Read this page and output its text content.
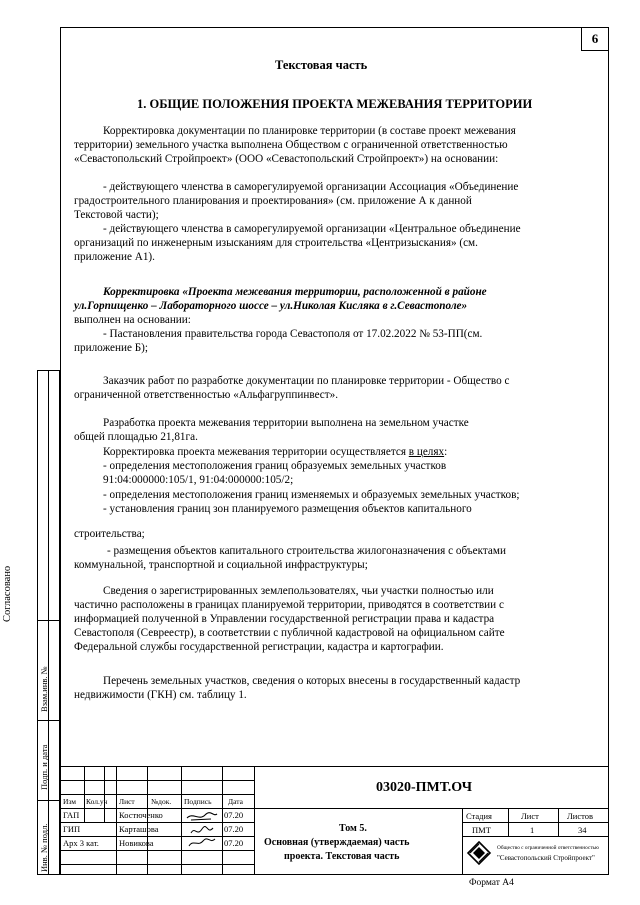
6
Текстовая часть
1. ОБЩИЕ ПОЛОЖЕНИЯ ПРОЕКТА МЕЖЕВАНИЯ ТЕРРИТОРИИ
Корректировка документации по планировке территории (в составе проект межевания
территории) земельного участка выполнена Обществом с ограниченной ответственностью
«Севастопольский Стройпроект» (ООО «Севастопольский Стройпроект») на основании:
- действующего членства в саморегулируемой организации Ассоциация «Объединение
градостроительного планирования и проектирования» (см. приложение А к данной
Текстовой части);
- действующего членства в саморегулируемой организации «Центральное объединение
организаций по инженерным изысканиям для строительства «Центризыскания» (см.
приложение А1).
Корректировка «Проекта межевания территории, расположенной в районе
ул.Горпищенко – Лабораторного шоссе – ул.Николая Кисляка в г.Севастополе»
выполнен на основании:
- Пастановления правительства города Севастополя от 17.02.2022 № 53-ПП(см.
приложение Б);
Заказчик работ по разработке документации по планировке территории - Общество с
ограниченной ответственностью «Альфагруппинвест».
Разработка проекта межевания территории выполнена на земельном участке
общей площадью 21,81га.
Корректировка проекта межевания территории осуществляется в целях:
- определения местоположения границ образуемых земельных участков
91:04:000000:105/1, 91:04:000000:105/2;
- определения местоположения границ изменяемых и образуемых земельных участков;
- установления границ зон планируемого размещения объектов капитального
строительства;
- размещения объектов капитального строительства жилогоназначения с объектами
коммунальной, транспортной и социальной инфраструктуры;
Сведения о зарегистрированных землепользователях, чьи участки полностью или
частично расположены в границах планируемой территории, приводятся в соответствии с
информацией полученной в Управлении государственной регистрации права и кадастра
Севастополя (Севреестр), в соответствии с публичной кадастровой на официальном сайте
Федеральной службы государственной регистрации, кадастра и картографии.
Перечень земельных участков, сведения о которых внесены в государственный кадастр
недвижимости (ГКН) см. таблицу 1.
Согласовано
Взам.инв. №
Подп. и дата
Инв. № подл.
03020-ПМТ.ОЧ
Изм Кол.уч Лист №док. Подпись Дата
ГАП	Костюченко	07.20
ГИП	Карташова	07.20
Арх 3 кат. Новикова	07.20
Том 5.
Основная (утверждаемая) часть
проекта. Текстовая часть
Стадия	Лист	Листов
ПМТ	1	34
Общество с ограниченной ответственностью
"Севастопольский Стройпроект"
Формат А4
